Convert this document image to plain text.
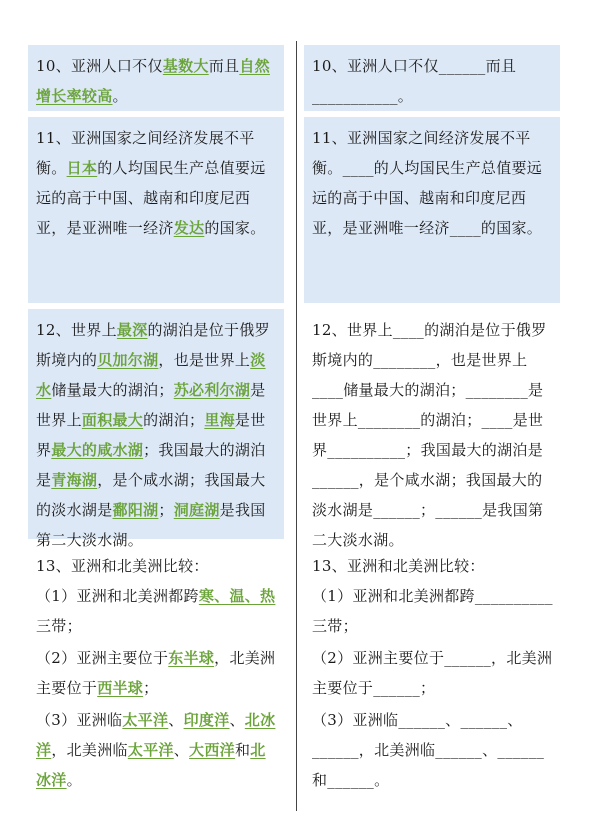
10、亚洲人口不仅基数大而且自然增长率较高。
11、亚洲国家之间经济发展不平衡。日本的人均国民生产总值要远远的高于中国、越南和印度尼西亚，是亚洲唯一经济发达的国家。
12、世界上最深的湖泊是位于俄罗斯境内的贝加尔湖，也是世界上淡水储量最大的湖泊；苏必利尔湖是世界上面积最大的湖泊；里海是世界最大的咸水湖；我国最大的湖泊是青海湖，是个咸水湖；我国最大的淡水湖是鄱阳湖；洞庭湖是我国第二大淡水湖。
13、亚洲和北美洲比较：
（1）亚洲和北美洲都跨寒、温、热三带；
（2）亚洲主要位于东半球，北美洲主要位于西半球；
（3）亚洲临太平洋、印度洋、北冰洋，北美洲临太平洋、大西洋和北冰洋。
10、亚洲人口不仅______而且___________。
11、亚洲国家之间经济发展不平衡。____的人均国民生产总值要远远的高于中国、越南和印度尼西亚，是亚洲唯一经济____的国家。
12、世界上____的湖泊是位于俄罗斯境内的________，也是世界上____储量最大的湖泊；________是世界上________的湖泊；____是世界__________；我国最大的湖泊是______，是个咸水湖；我国最大的淡水湖是______；______是我国第二大淡水湖。
13、亚洲和北美洲比较：
（1）亚洲和北美洲都跨__________三带；
（2）亚洲主要位于______，北美洲主要位于______；
（3）亚洲临______、______、______，北美洲临______、______和______。
